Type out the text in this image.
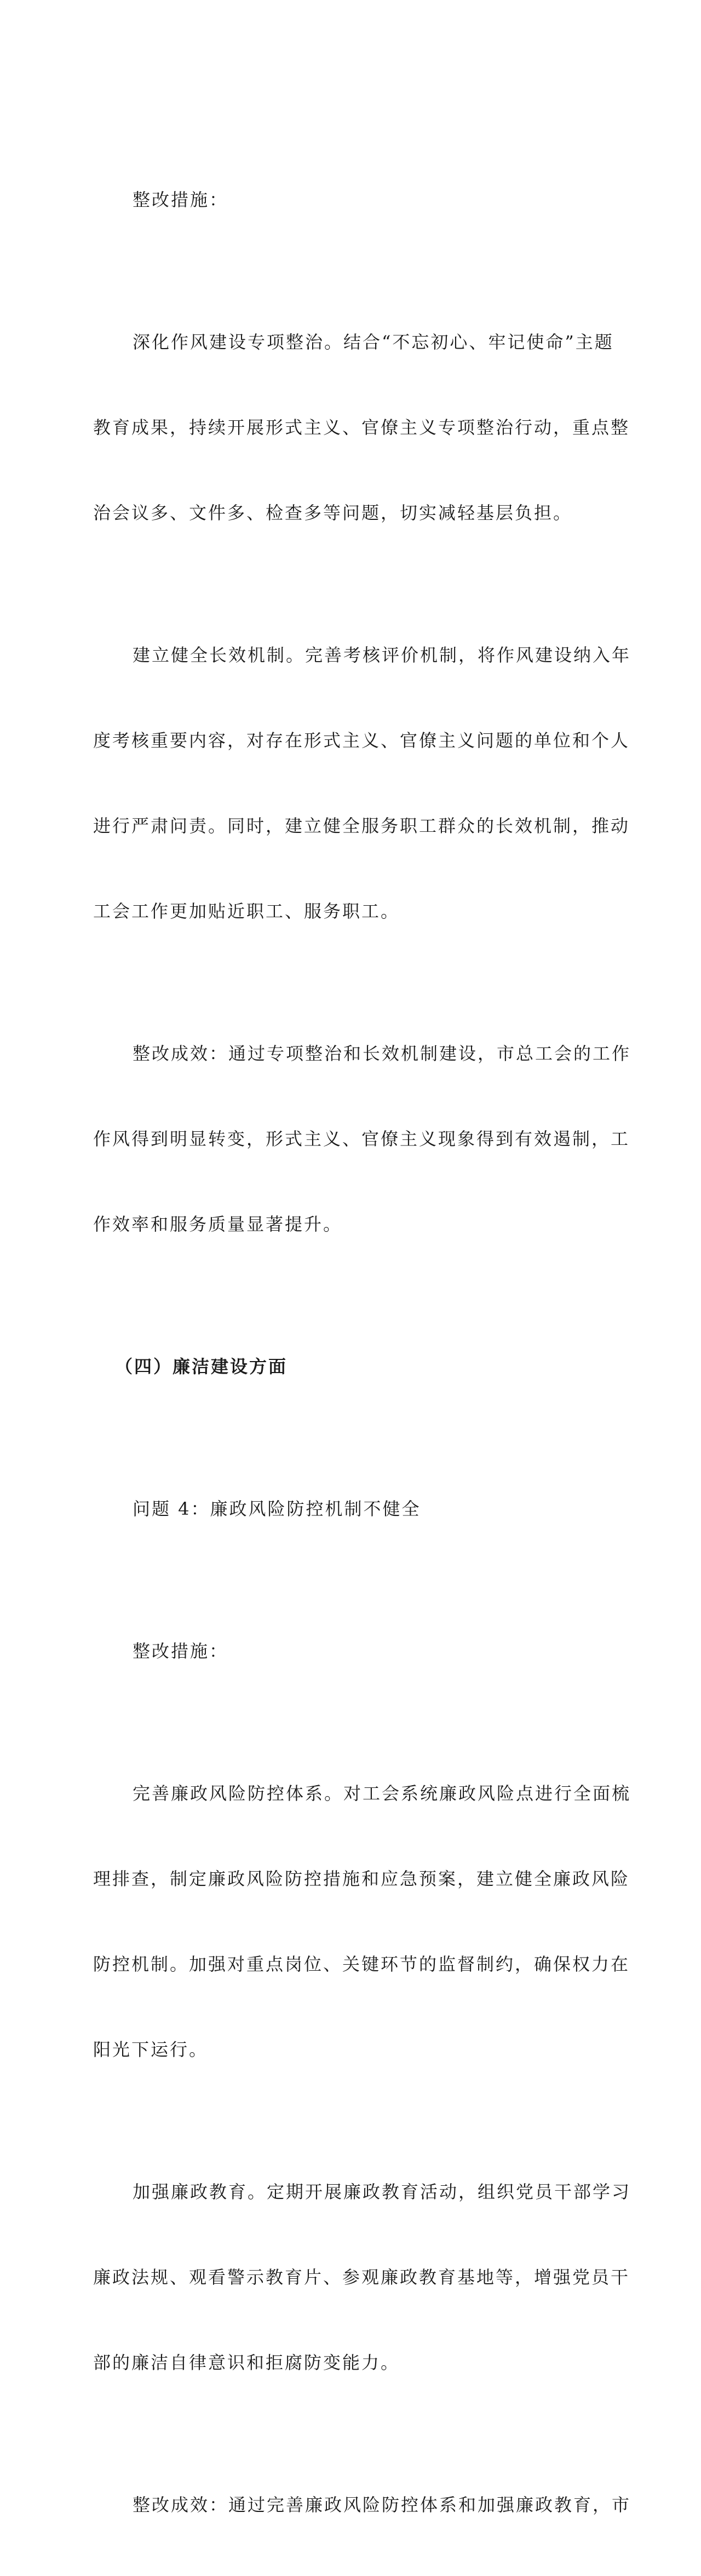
整改措施：

深化作风建设专项整治。结合“不忘初心、牢记使命”主题

教育成果，持续开展形式主义、官僚主义专项整治行动，重点整

治会议多、文件多、检查多等问题，切实减轻基层负担。

建立健全长效机制。完善考核评价机制，将作风建设纳入年

度考核重要内容，对存在形式主义、官僚主义问题的单位和个人

进行严肃问责。同时，建立健全服务职工群众的长效机制，推动

工会工作更加贴近职工、服务职工。

整改成效：通过专项整治和长效机制建设，市总工会的工作

作风得到明显转变，形式主义、官僚主义现象得到有效遏制，工

作效率和服务质量显著提升。

（四）廉洁建设方面

问题 4：廉政风险防控机制不健全

整改措施：

完善廉政风险防控体系。对工会系统廉政风险点进行全面梳

理排查，制定廉政风险防控措施和应急预案，建立健全廉政风险

防控机制。加强对重点岗位、关键环节的监督制约，确保权力在

阳光下运行。

加强廉政教育。定期开展廉政教育活动，组织党员干部学习

廉政法规、观看警示教育片、参观廉政教育基地等，增强党员干

部的廉洁自律意识和拒腐防变能力。

整改成效：通过完善廉政风险防控体系和加强廉政教育，市
